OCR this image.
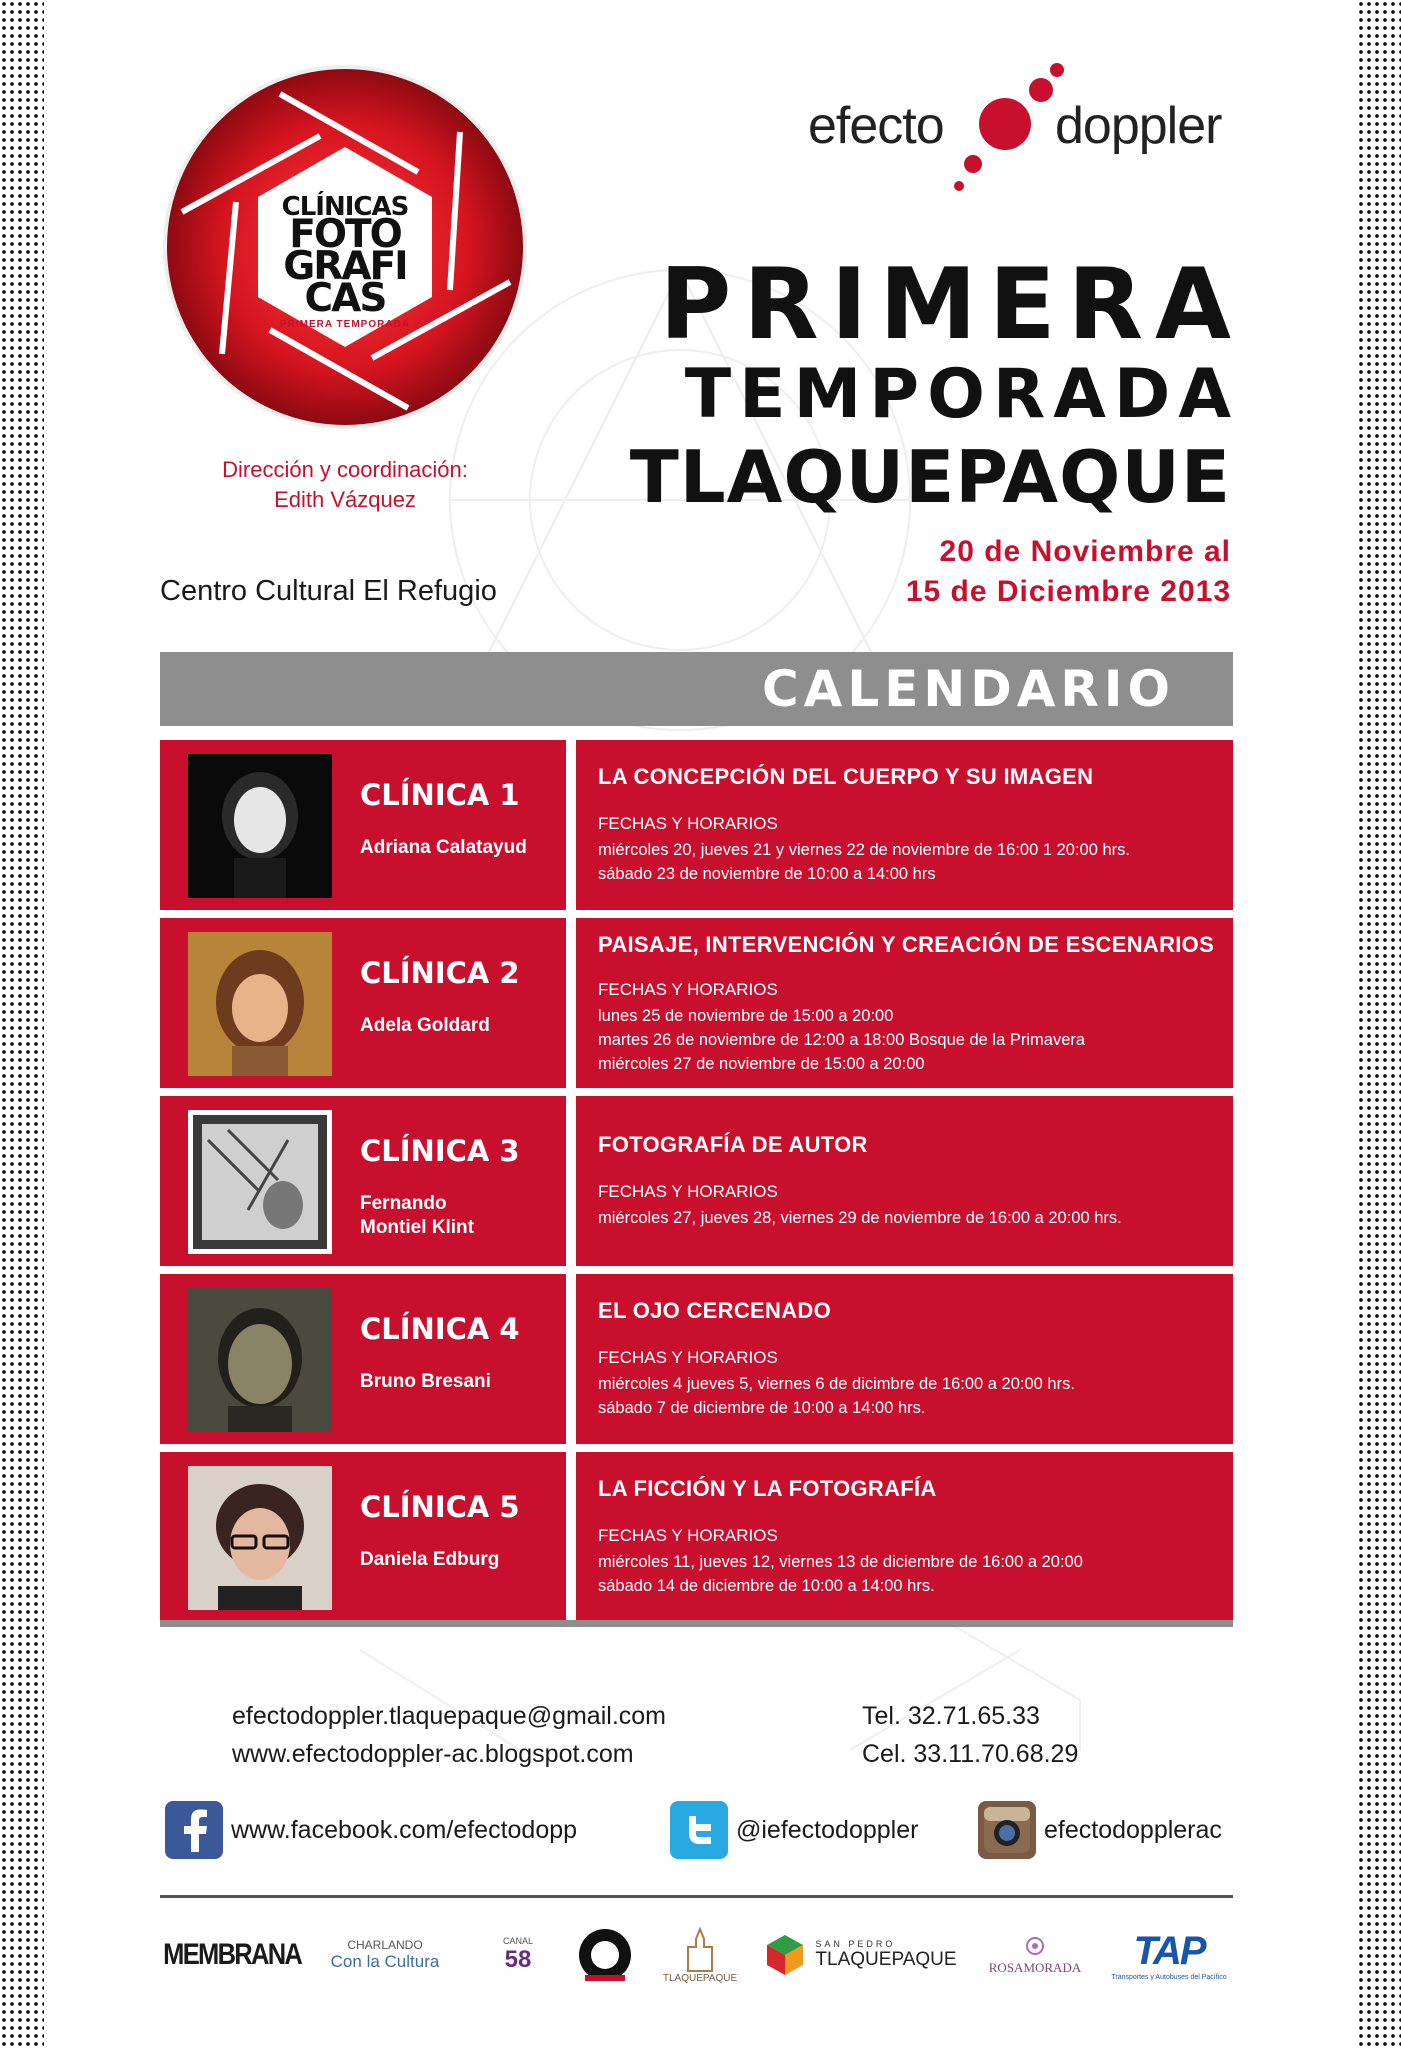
CLÍNICAS
FOTO
GRAFI
CAS
PRIMERA TEMPORADA
Dirección y coordinación:
Edith Vázquez
Centro Cultural El Refugio
efecto doppler
PRIMERA
TEMPORADA
TLAQUEPAQUE
20 de Noviembre al
15 de Diciembre 2013
CALENDARIO
CLÍNICA 1
Adriana Calatayud
LA CONCEPCIÓN DEL CUERPO Y SU IMAGEN
FECHAS Y HORARIOS
miércoles 20, jueves 21 y viernes 22 de noviembre de 16:00 1 20:00 hrs.
sábado 23 de noviembre de 10:00 a 14:00 hrs
CLÍNICA 2
Adela Goldard
PAISAJE, INTERVENCIÓN Y CREACIÓN DE ESCENARIOS
FECHAS Y HORARIOS
lunes 25 de noviembre de 15:00 a 20:00
martes 26 de noviembre de 12:00 a 18:00 Bosque de la Primavera
miércoles 27 de noviembre de 15:00 a 20:00
CLÍNICA 3
Fernando
Montiel Klint
FOTOGRAFÍA DE AUTOR
FECHAS Y HORARIOS
miércoles 27, jueves 28, viernes 29 de noviembre de 16:00 a 20:00 hrs.
CLÍNICA 4
Bruno Bresani
EL OJO CERCENADO
FECHAS Y HORARIOS
miércoles 4 jueves 5, viernes 6 de dicimbre de 16:00 a 20:00 hrs.
sábado 7 de diciembre de 10:00 a 14:00 hrs.
CLÍNICA 5
Daniela Edburg
LA FICCIÓN Y LA FOTOGRAFÍA
FECHAS Y HORARIOS
miércoles 11, jueves 12, viernes 13 de diciembre de 16:00 a 20:00
sábado 14 de diciembre de 10:00 a 14:00 hrs.
efectodoppler.tlaquepaque@gmail.com
www.efectodoppler-ac.blogspot.com
Tel. 32.71.65.33
Cel. 33.11.70.68.29
www.facebook.com/efectodopp	@iefectodoppler	efectodopplerac
MEMBRANA	CHARLANDO
Con la Cultura
CANAL
58
TLAQUEPAQUE
SAN PEDRO
TLAQUEPAQUE ROSAMORADA TAP
Transportes y Autobuses del Pacífico
